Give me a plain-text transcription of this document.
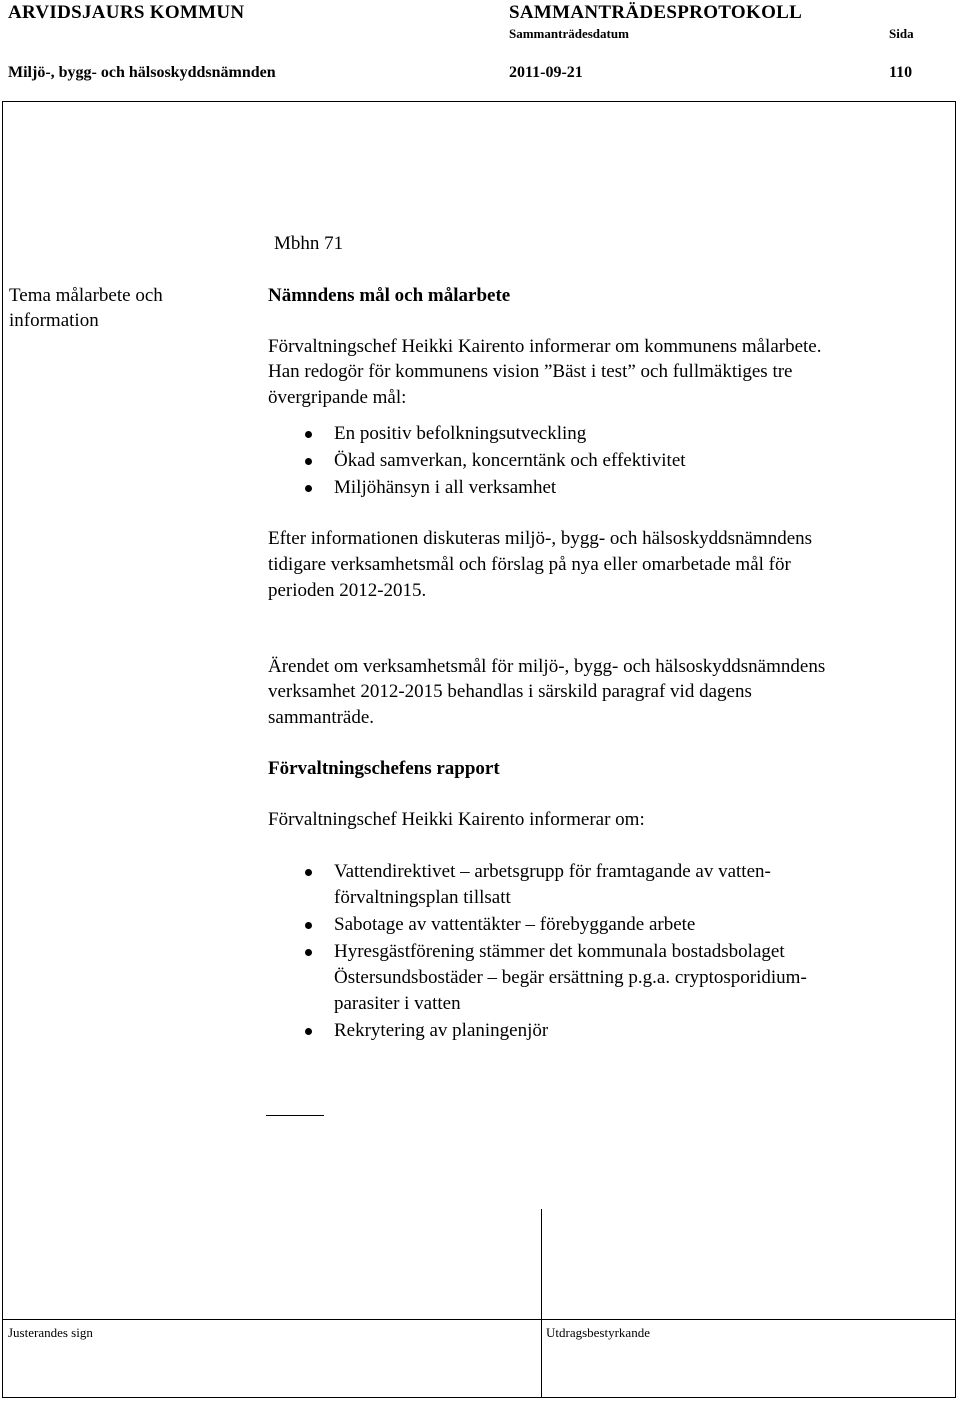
ARVIDSJAURS KOMMUN	SAMMANTRÄDESPROTOKOLL
Sammanträdesdatum	Sida
Miljö-, bygg- och hälsoskyddsnämnden	2011-09-21	110
Mbhn 71
Tema målarbete och
information
Nämndens mål och målarbete
Förvaltningschef Heikki Kairento informerar om kommunens målarbete.
Han redogör för kommunens vision ”Bäst i test” och fullmäktiges tre
övergripande mål:
En positiv befolkningsutveckling
Ökad samverkan, koncerntänk och effektivitet
Miljöhänsyn i all verksamhet
Efter informationen diskuteras miljö-, bygg- och hälsoskyddsnämndens
tidigare verksamhetsmål och förslag på nya eller omarbetade mål för
perioden 2012-2015.
Ärendet om verksamhetsmål för miljö-, bygg- och hälsoskyddsnämndens
verksamhet 2012-2015 behandlas i särskild paragraf vid dagens
sammanträde.
Förvaltningschefens rapport
Förvaltningschef Heikki Kairento informerar om:
Vattendirektivet – arbetsgrupp för framtagande av vatten-
förvaltningsplan tillsatt
Sabotage av vattentäkter – förebyggande arbete
Hyresgästförening stämmer det kommunala bostadsbolaget
Östersundsbostäder – begär ersättning p.g.a. cryptosporidium-
parasiter i vatten
Rekrytering av planingenjör
Justerandes sign	Utdragsbestyrkande
